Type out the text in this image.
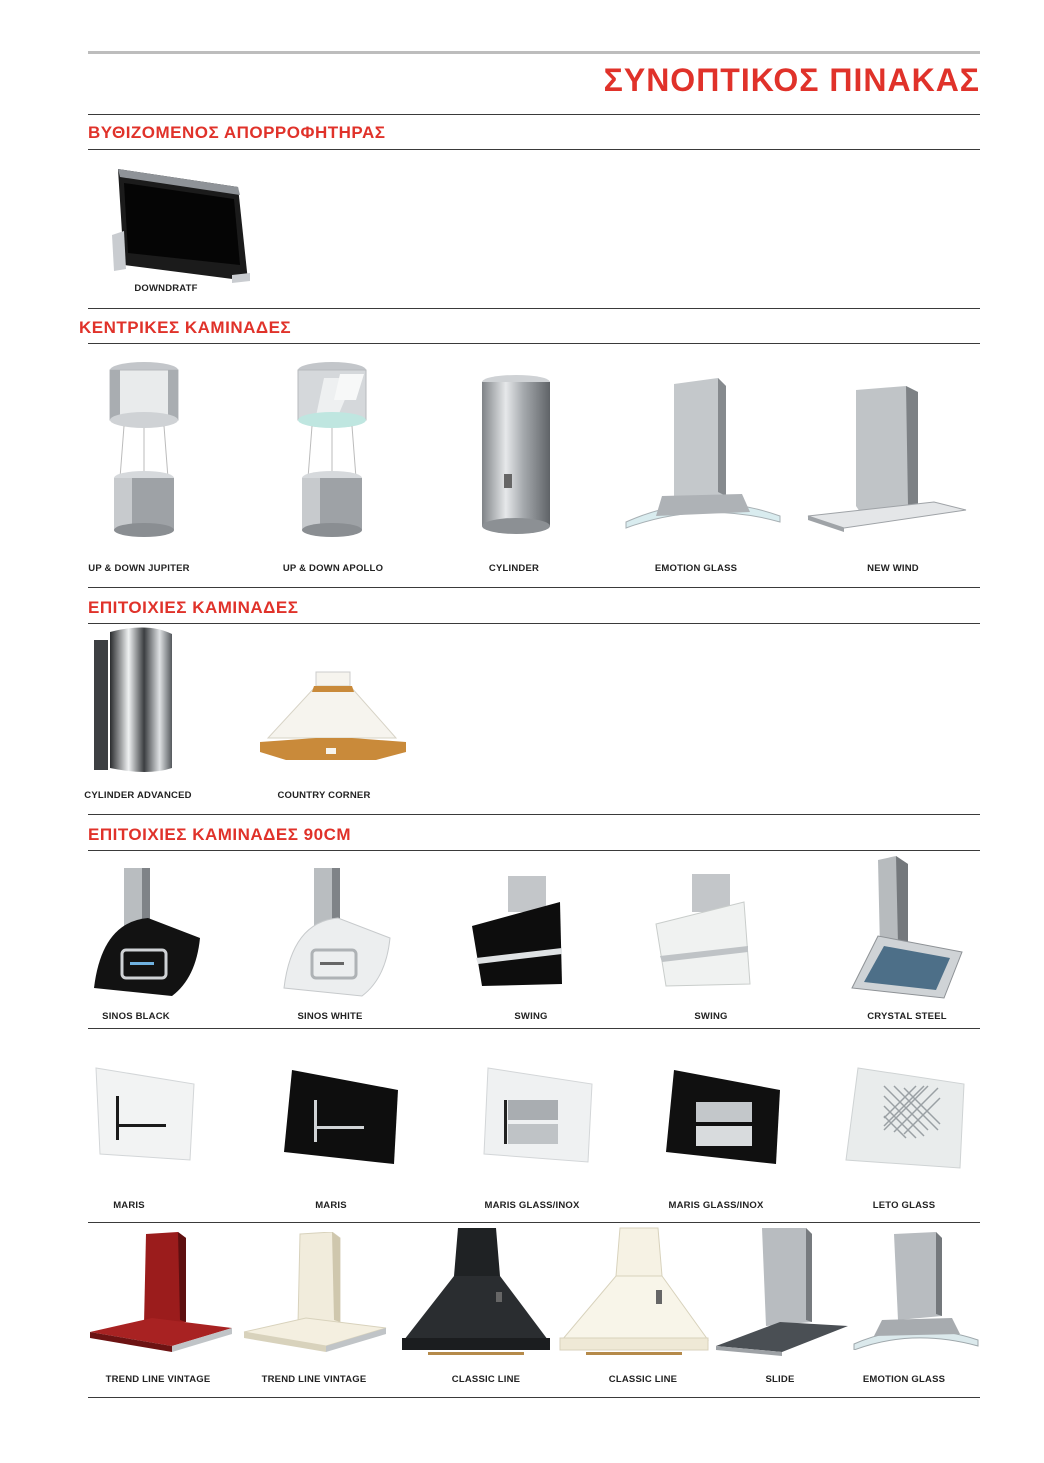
ΣΥΝΟΠΤΙΚΟΣ ΠΙΝΑΚΑΣ
ΒΥΘΙΖΟΜΕΝΟΣ ΑΠΟΡΡΟΦΗΤΗΡΑΣ
DOWNDRATF
ΚΕΝΤΡΙΚΕΣ ΚΑΜΙΝΑΔΕΣ
UP & DOWN JUPITER	UP & DOWN APOLLO	CYLINDER	EMOTION GLASS	NEW WIND
ΕΠΙΤΟΙΧΙΕΣ ΚΑΜΙΝΑΔΕΣ
CYLINDER ADVANCED	COUNTRY CORNER
ΕΠΙΤΟΙΧΙΕΣ ΚΑΜΙΝΑΔΕΣ 90CM
SINOS BLACK	SINOS WHITE	SWING	SWING	CRYSTAL STEEL
MARIS	MARIS	MARIS GLASS/INOX	MARIS GLASS/INOX	LETO GLASS
TREND LINE VINTAGE	TREND LINE VINTAGE	CLASSIC LINE	CLASSIC LINE	SLIDE	EMOTION GLASS
